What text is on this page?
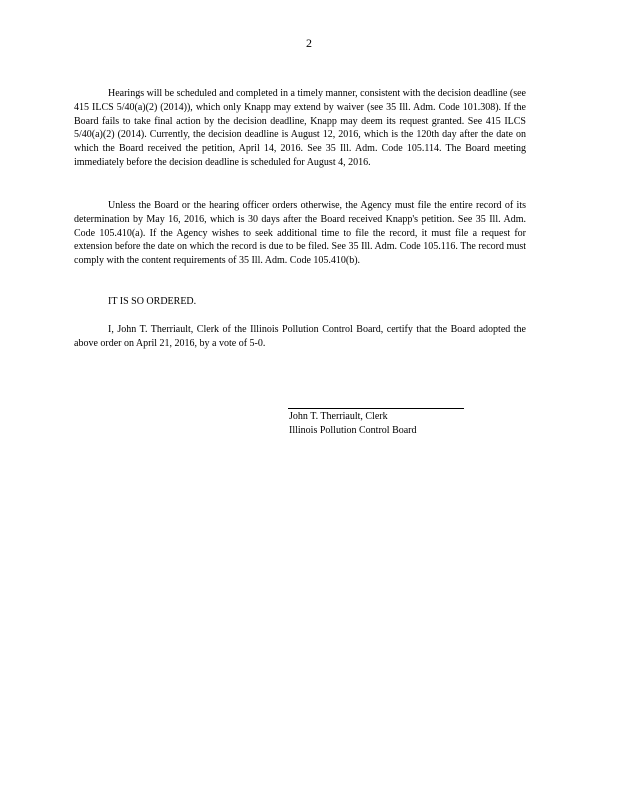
2

Hearings will be scheduled and completed in a timely manner, consistent with the decision deadline (see 415 ILCS 5/40(a)(2) (2014)), which only Knapp may extend by waiver (see 35 Ill. Adm. Code 101.308). If the Board fails to take final action by the decision deadline, Knapp may deem its request granted. See 415 ILCS 5/40(a)(2) (2014). Currently, the decision deadline is August 12, 2016, which is the 120th day after the date on which the Board received the petition, April 14, 2016. See 35 Ill. Adm. Code 105.114. The Board meeting immediately before the decision deadline is scheduled for August 4, 2016.

Unless the Board or the hearing officer orders otherwise, the Agency must file the entire record of its determination by May 16, 2016, which is 30 days after the Board received Knapp's petition. See 35 Ill. Adm. Code 105.410(a). If the Agency wishes to seek additional time to file the record, it must file a request for extension before the date on which the record is due to be filed. See 35 Ill. Adm. Code 105.116. The record must comply with the content requirements of 35 Ill. Adm. Code 105.410(b).

IT IS SO ORDERED.

I, John T. Therriault, Clerk of the Illinois Pollution Control Board, certify that the Board adopted the above order on April 21, 2016, by a vote of 5-0.

John T. Therriault, Clerk
Illinois Pollution Control Board
